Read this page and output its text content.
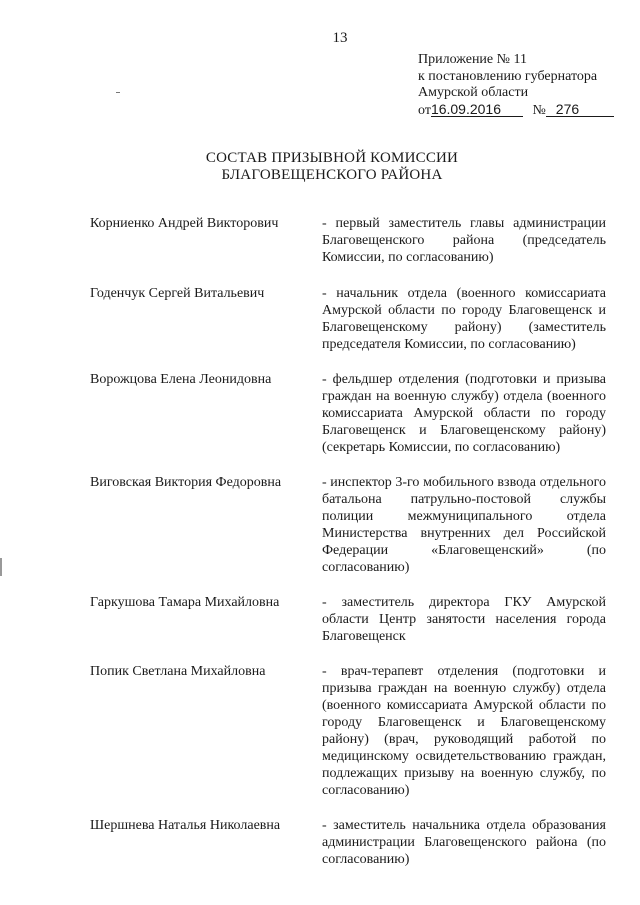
13
Приложение № 11
к постановлению губернатора
Амурской области
от16.09.2016 № 276
СОСТАВ ПРИЗЫВНОЙ КОМИССИИ
БЛАГОВЕЩЕНСКОГО РАЙОНА
Корниенко Андрей Викторович	- первый заместитель главы администрации Благовещенского района (председатель Комиссии, по согласованию)
Годенчук Сергей Витальевич	- начальник отдела (военного комиссариата Амурской области по городу Благовещенск и Благовещенскому району) (заместитель председателя Комиссии, по согласованию)
Ворожцова Елена Леонидовна	- фельдшер отделения (подготовки и призыва граждан на военную службу) отдела (военного комиссариата Амурской области по городу Благовещенск и Благовещенскому району) (секретарь Комиссии, по согласованию)
Виговская Виктория Федоровна	- инспектор 3-го мобильного взвода отдельного батальона патрульно-постовой службы полиции межмуниципального отдела Министерства внутренних дел Российской Федерации «Благовещенский» (по согласованию)
Гаркушова Тамара Михайловна	- заместитель директора ГКУ Амурской области Центр занятости населения города Благовещенск
Попик Светлана Михайловна	- врач-терапевт отделения (подготовки и призыва граждан на военную службу) отдела (военного комиссариата Амурской области по городу Благовещенск и Благовещенскому району) (врач, руководящий работой по медицинскому освидетельствованию граждан, подлежащих призыву на военную службу, по согласованию)
Шершнева Наталья Николаевна	- заместитель начальника отдела образования администрации Благовещенского района (по согласованию)
